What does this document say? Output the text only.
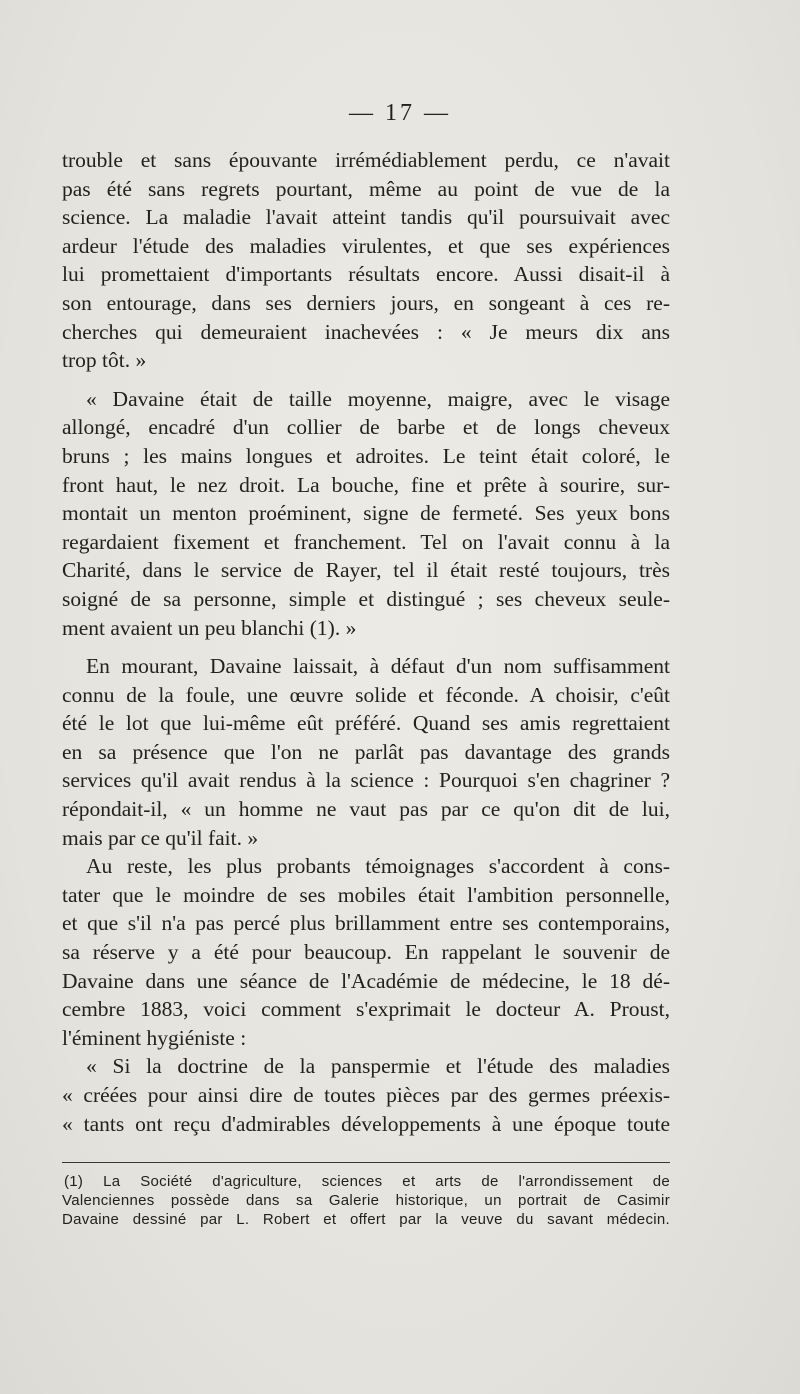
— 17 —

trouble et sans épouvante irrémédiablement perdu, ce n'avait
pas été sans regrets pourtant, même au point de vue de la
science. La maladie l'avait atteint tandis qu'il poursuivait avec
ardeur l'étude des maladies virulentes, et que ses expériences
lui promettaient d'importants résultats encore. Aussi disait-il à
son entourage, dans ses derniers jours, en songeant à ces re-
cherches qui demeuraient inachevées : « Je meurs dix ans
trop tôt. »

« Davaine était de taille moyenne, maigre, avec le visage
allongé, encadré d'un collier de barbe et de longs cheveux
bruns ; les mains longues et adroites. Le teint était coloré, le
front haut, le nez droit. La bouche, fine et prête à sourire, sur-
montait un menton proéminent, signe de fermeté. Ses yeux bons
regardaient fixement et franchement. Tel on l'avait connu à la
Charité, dans le service de Rayer, tel il était resté toujours, très
soigné de sa personne, simple et distingué ; ses cheveux seule-
ment avaient un peu blanchi (1). »

En mourant, Davaine laissait, à défaut d'un nom suffisamment
connu de la foule, une œuvre solide et féconde. A choisir, c'eût
été le lot que lui-même eût préféré. Quand ses amis regrettaient
en sa présence que l'on ne parlât pas davantage des grands
services qu'il avait rendus à la science : Pourquoi s'en chagriner ?
répondait-il, « un homme ne vaut pas par ce qu'on dit de lui,
mais par ce qu'il fait. »

Au reste, les plus probants témoignages s'accordent à cons-
tater que le moindre de ses mobiles était l'ambition personnelle,
et que s'il n'a pas percé plus brillamment entre ses contemporains,
sa réserve y a été pour beaucoup. En rappelant le souvenir de
Davaine dans une séance de l'Académie de médecine, le 18 dé-
cembre 1883, voici comment s'exprimait le docteur A. Proust,
l'éminent hygiéniste :

« Si la doctrine de la panspermie et l'étude des maladies
« créées pour ainsi dire de toutes pièces par des germes préexis-
« tants ont reçu d'admirables développements à une époque toute

(1) La Société d'agriculture, sciences et arts de l'arrondissement de
Valenciennes possède dans sa Galerie historique, un portrait de Casimir
Davaine dessiné par L. Robert et offert par la veuve du savant médecin.
